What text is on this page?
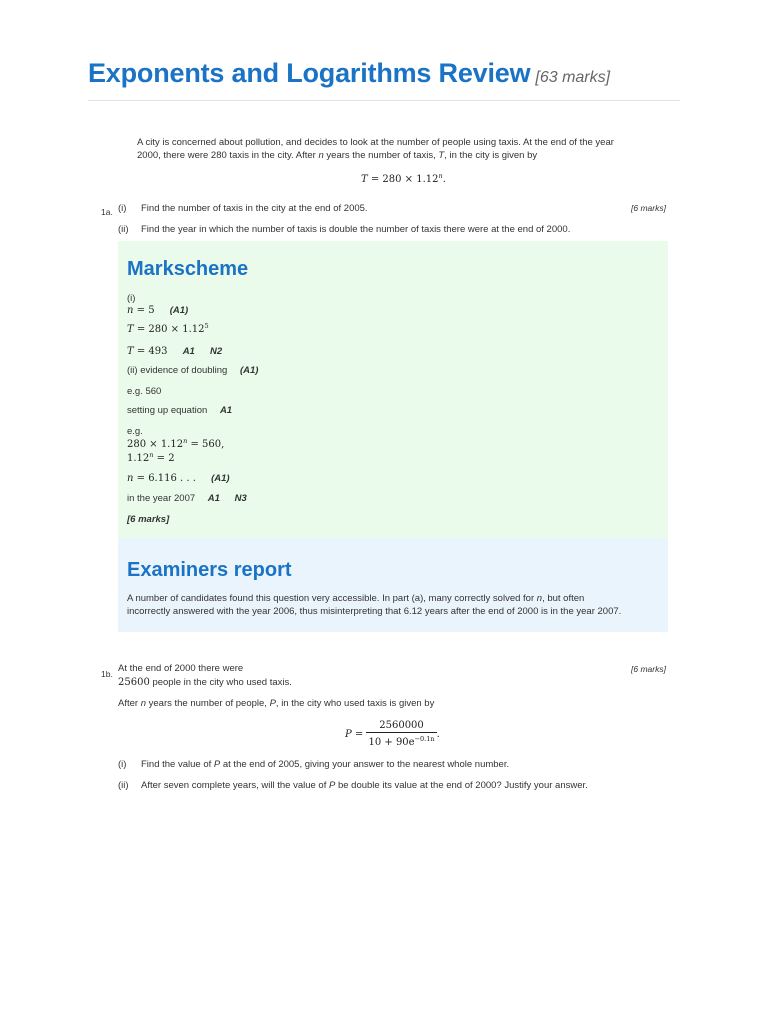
Exponents and Logarithms Review [63 marks]
A city is concerned about pollution, and decides to look at the number of people using taxis. At the end of the year
2000, there were 280 taxis in the city. After n years the number of taxis, T, in the city is given by
$T = 280 \times 1.12^n$.
1a. (i) Find the number of taxis in the city at the end of 2005.	[6 marks]
(ii) Find the year in which the number of taxis is double the number of taxis there were at the end of 2000.
Markscheme
(i)
n = 5 (A1)
$T = 280 \times 1.12^5$
T = 493 A1 N2
(ii) evidence of doubling (A1)
e.g. 560
setting up equation A1
e.g.
$280 \times 1.12^n = 560$,
$1.12^n = 2$
n = 6.116 . . . (A1)
in the year 2007 A1 N3
[6 marks]
Examiners report
A number of candidates found this question very accessible. In part (a), many correctly solved for n, but often
incorrectly answered with the year 2006, thus misinterpreting that 6.12 years after the end of 2000 is in the year 2007.
1b. At the end of 2000 there were
25600 people in the city who used taxis.
[6 marks]
After n years the number of people, P, in the city who used taxis is given by
$P = \frac{2560000}{10 + 90e^{-0.1n}}$ .
(i) Find the value of P at the end of 2005, giving your answer to the nearest whole number.
(ii) After seven complete years, will the value of P be double its value at the end of 2000? Justify your answer.
